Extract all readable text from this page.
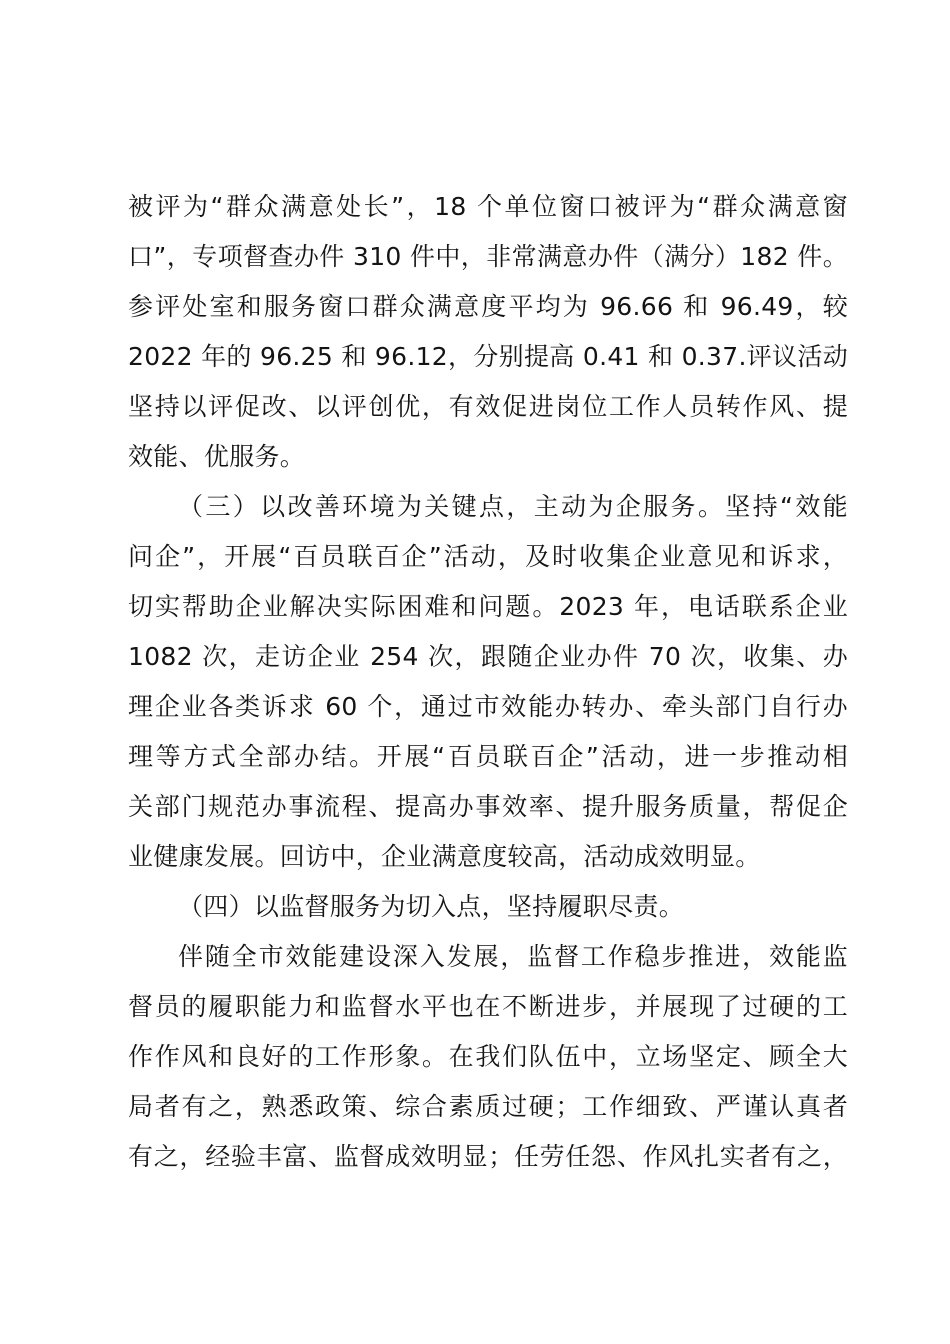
被评为“群众满意处长”，18 个单位窗口被评为“群众满意窗
口”，专项督查办件 310 件中，非常满意办件（满分）182 件。
参评处室和服务窗口群众满意度平均为 96.66 和 96.49，较
2022 年的 96.25 和 96.12，分别提高 0.41 和 0.37.评议活动
坚持以评促改、以评创优，有效促进岗位工作人员转作风、提
效能、优服务。
（三）以改善环境为关键点，主动为企服务。坚持“效能
问企”，开展“百员联百企”活动，及时收集企业意见和诉求，
切实帮助企业解决实际困难和问题。2023 年，电话联系企业
1082 次，走访企业 254 次，跟随企业办件 70 次，收集、办
理企业各类诉求 60 个，通过市效能办转办、牵头部门自行办
理等方式全部办结。开展“百员联百企”活动，进一步推动相
关部门规范办事流程、提高办事效率、提升服务质量，帮促企
业健康发展。回访中，企业满意度较高，活动成效明显。
（四）以监督服务为切入点，坚持履职尽责。
伴随全市效能建设深入发展，监督工作稳步推进，效能监
督员的履职能力和监督水平也在不断进步，并展现了过硬的工
作作风和良好的工作形象。在我们队伍中，立场坚定、顾全大
局者有之，熟悉政策、综合素质过硬；工作细致、严谨认真者
有之，经验丰富、监督成效明显；任劳任怨、作风扎实者有之，
